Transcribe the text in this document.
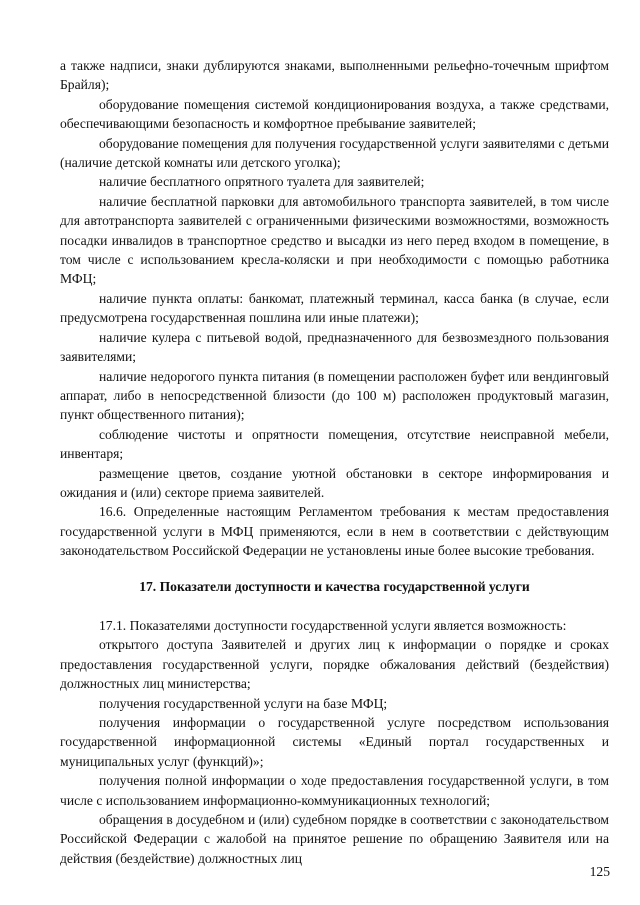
а также надписи, знаки дублируются знаками, выполненными рельефно-точечным шрифтом Брайля);

оборудование помещения системой кондиционирования воздуха, а также средствами, обеспечивающими безопасность и комфортное пребывание заявителей;

оборудование помещения для получения государственной услуги заявителями с детьми (наличие детской комнаты или детского уголка);

наличие бесплатного опрятного туалета для заявителей;

наличие бесплатной парковки для автомобильного транспорта заявителей, в том числе для автотранспорта заявителей с ограниченными физическими возможностями, возможность посадки инвалидов в транспортное средство и высадки из него перед входом в помещение, в том числе с использованием кресла-коляски и при необходимости с помощью работника МФЦ;

наличие пункта оплаты: банкомат, платежный терминал, касса банка (в случае, если предусмотрена государственная пошлина или иные платежи);

наличие кулера с питьевой водой, предназначенного для безвозмездного пользования заявителями;

наличие недорогого пункта питания (в помещении расположен буфет или вендинговый аппарат, либо в непосредственной близости (до 100 м) расположен продуктовый магазин, пункт общественного питания);

соблюдение чистоты и опрятности помещения, отсутствие неисправной мебели, инвентаря;

размещение цветов, создание уютной обстановки в секторе информирования и ожидания и (или) секторе приема заявителей.

16.6. Определенные настоящим Регламентом требования к местам предоставления государственной услуги в МФЦ применяются, если в нем в соответствии с действующим законодательством Российской Федерации не установлены иные более высокие требования.

17. Показатели доступности и качества государственной услуги

17.1. Показателями доступности государственной услуги является возможность:

открытого доступа Заявителей и других лиц к информации о порядке и сроках предоставления государственной услуги, порядке обжалования действий (бездействия) должностных лиц министерства;

получения государственной услуги на базе МФЦ;

получения информации о государственной услуге посредством использования государственной информационной системы «Единый портал государственных и муниципальных услуг (функций)»;

получения полной информации о ходе предоставления государственной услуги, в том числе с использованием информационно-коммуникационных технологий;

обращения в досудебном и (или) судебном порядке в соответствии с законодательством Российской Федерации с жалобой на принятое решение по обращению Заявителя или на действия (бездействие) должностных лиц

125
